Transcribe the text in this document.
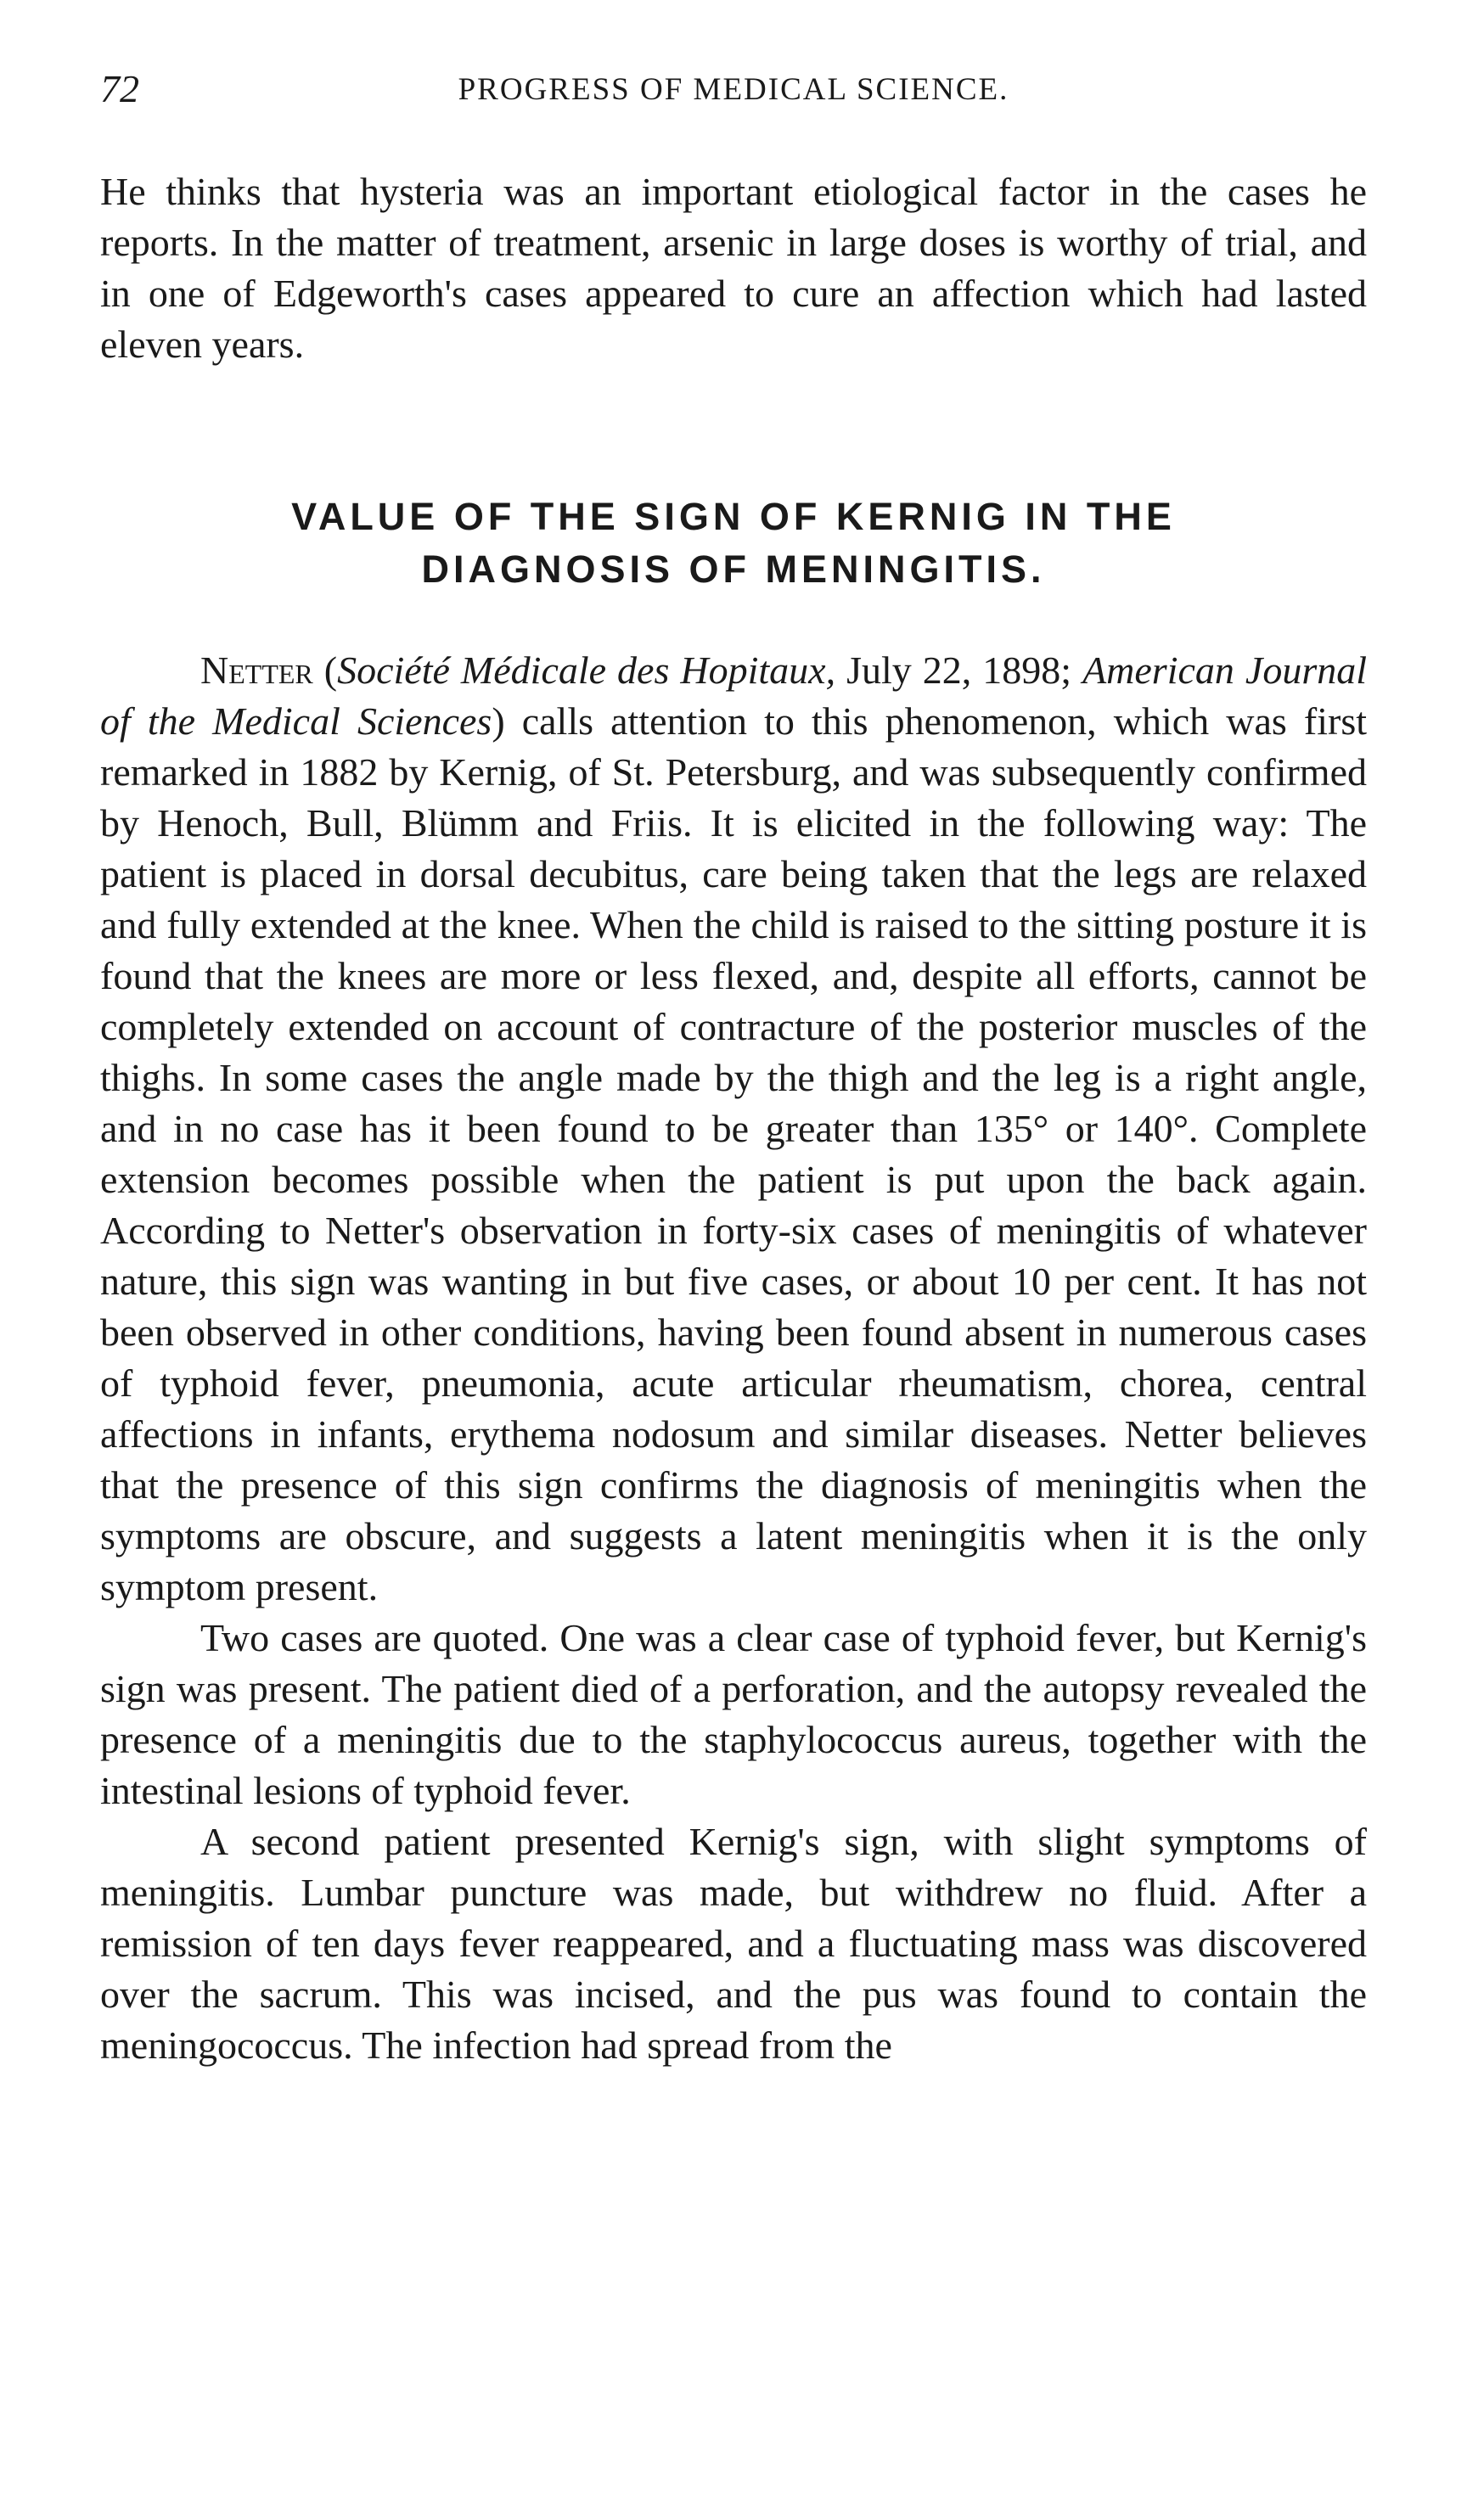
72	PROGRESS OF MEDICAL SCIENCE.

He thinks that hysteria was an important etiological factor in the cases he reports. In the matter of treatment, arsenic in large doses is worthy of trial, and in one of Edgeworth's cases appeared to cure an affection which had lasted eleven years.

VALUE OF THE SIGN OF KERNIG IN THE
DIAGNOSIS OF MENINGITIS.

Netter (Société Médicale des Hopitaux, July 22, 1898; American Journal of the Medical Sciences) calls attention to this phenomenon, which was first remarked in 1882 by Kernig, of St. Petersburg, and was subsequently confirmed by Henoch, Bull, Blümm and Friis. It is elicited in the following way: The patient is placed in dorsal decubitus, care being taken that the legs are relaxed and fully extended at the knee. When the child is raised to the sitting posture it is found that the knees are more or less flexed, and, despite all efforts, cannot be completely extended on account of contracture of the posterior muscles of the thighs. In some cases the angle made by the thigh and the leg is a right angle, and in no case has it been found to be greater than 135° or 140°. Complete extension becomes possible when the patient is put upon the back again. According to Netter's observation in forty-six cases of meningitis of whatever nature, this sign was wanting in but five cases, or about 10 per cent. It has not been observed in other conditions, having been found absent in numerous cases of typhoid fever, pneumonia, acute articular rheumatism, chorea, central affections in infants, erythema nodosum and similar diseases. Netter believes that the presence of this sign confirms the diagnosis of meningitis when the symptoms are obscure, and suggests a latent meningitis when it is the only symptom present.

Two cases are quoted. One was a clear case of typhoid fever, but Kernig's sign was present. The patient died of a perforation, and the autopsy revealed the presence of a meningitis due to the staphylococcus aureus, together with the intestinal lesions of typhoid fever.

A second patient presented Kernig's sign, with slight symptoms of meningitis. Lumbar puncture was made, but withdrew no fluid. After a remission of ten days fever reappeared, and a fluctuating mass was discovered over the sacrum. This was incised, and the pus was found to contain the meningococcus. The infection had spread from the
